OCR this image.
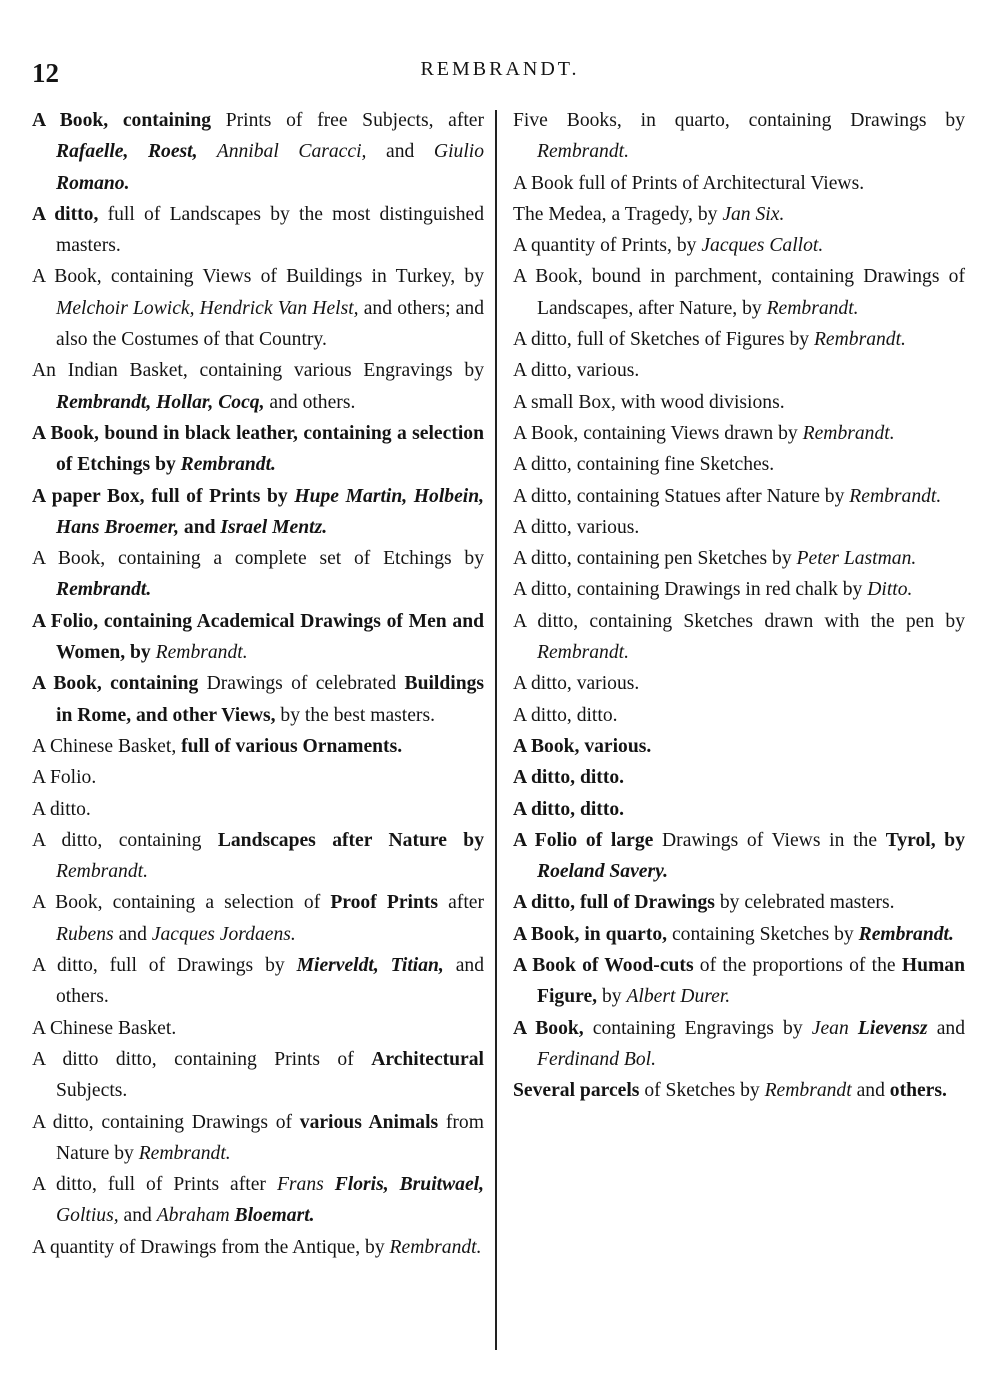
12	REMBRANDT.

A Book, containing Prints of free Subjects, after Rafaelle, Roest, Annibal Caracci, and Giulio Romano.

A ditto, full of Landscapes by the most distinguished masters.

A Book, containing Views of Buildings in Turkey, by Melchoir Lowick, Hendrick Van Helst, and others; and also the Costumes of that Country.

An Indian Basket, containing various Engravings by Rembrandt, Hollar, Cocq, and others.

A Book, bound in black leather, containing a selection of Etchings by Rembrandt.

A paper Box, full of Prints by Hupe Martin, Holbein, Hans Broemer, and Israel Mentz.

A Book, containing a complete set of Etchings by Rembrandt.

A Folio, containing Academical Drawings of Men and Women, by Rembrandt.

A Book, containing Drawings of celebrated Buildings in Rome, and other Views, by the best masters.

A Chinese Basket, full of various Ornaments.

A Folio.

A ditto.

A ditto, containing Landscapes after Nature by Rembrandt.

A Book, containing a selection of Proof Prints after Rubens and Jacques Jordaens.

A ditto, full of Drawings by Mierveldt, Titian, and others.

A Chinese Basket.

A ditto ditto, containing Prints of Architectural Subjects.

A ditto, containing Drawings of various Animals from Nature by Rembrandt.

A ditto, full of Prints after Frans Floris, Bruitwael, Goltius, and Abraham Bloemart.

A quantity of Drawings from the Antique, by Rembrandt.

Five Books, in quarto, containing Drawings by Rembrandt.

A Book full of Prints of Architectural Views.

The Medea, a Tragedy, by Jan Six.

A quantity of Prints, by Jacques Callot.

A Book, bound in parchment, containing Drawings of Landscapes, after Nature, by Rembrandt.

A ditto, full of Sketches of Figures by Rembrandt.

A ditto, various.

A small Box, with wood divisions.

A Book, containing Views drawn by Rembrandt.

A ditto, containing fine Sketches.

A ditto, containing Statues after Nature by Rembrandt.

A ditto, various.

A ditto, containing pen Sketches by Peter Lastman.

A ditto, containing Drawings in red chalk by Ditto.

A ditto, containing Sketches drawn with the pen by Rembrandt.

A ditto, various.

A ditto, ditto.

A Book, various.

A ditto, ditto.

A ditto, ditto.

A Folio of large Drawings of Views in the Tyrol, by Roeland Savery.

A ditto, full of Drawings by celebrated masters.

A Book, in quarto, containing Sketches by Rembrandt.

A Book of Wood-cuts of the proportions of the Human Figure, by Albert Durer.

A Book, containing Engravings by Jean Lievensz and Ferdinand Bol.

Several parcels of Sketches by Rembrandt and others.
